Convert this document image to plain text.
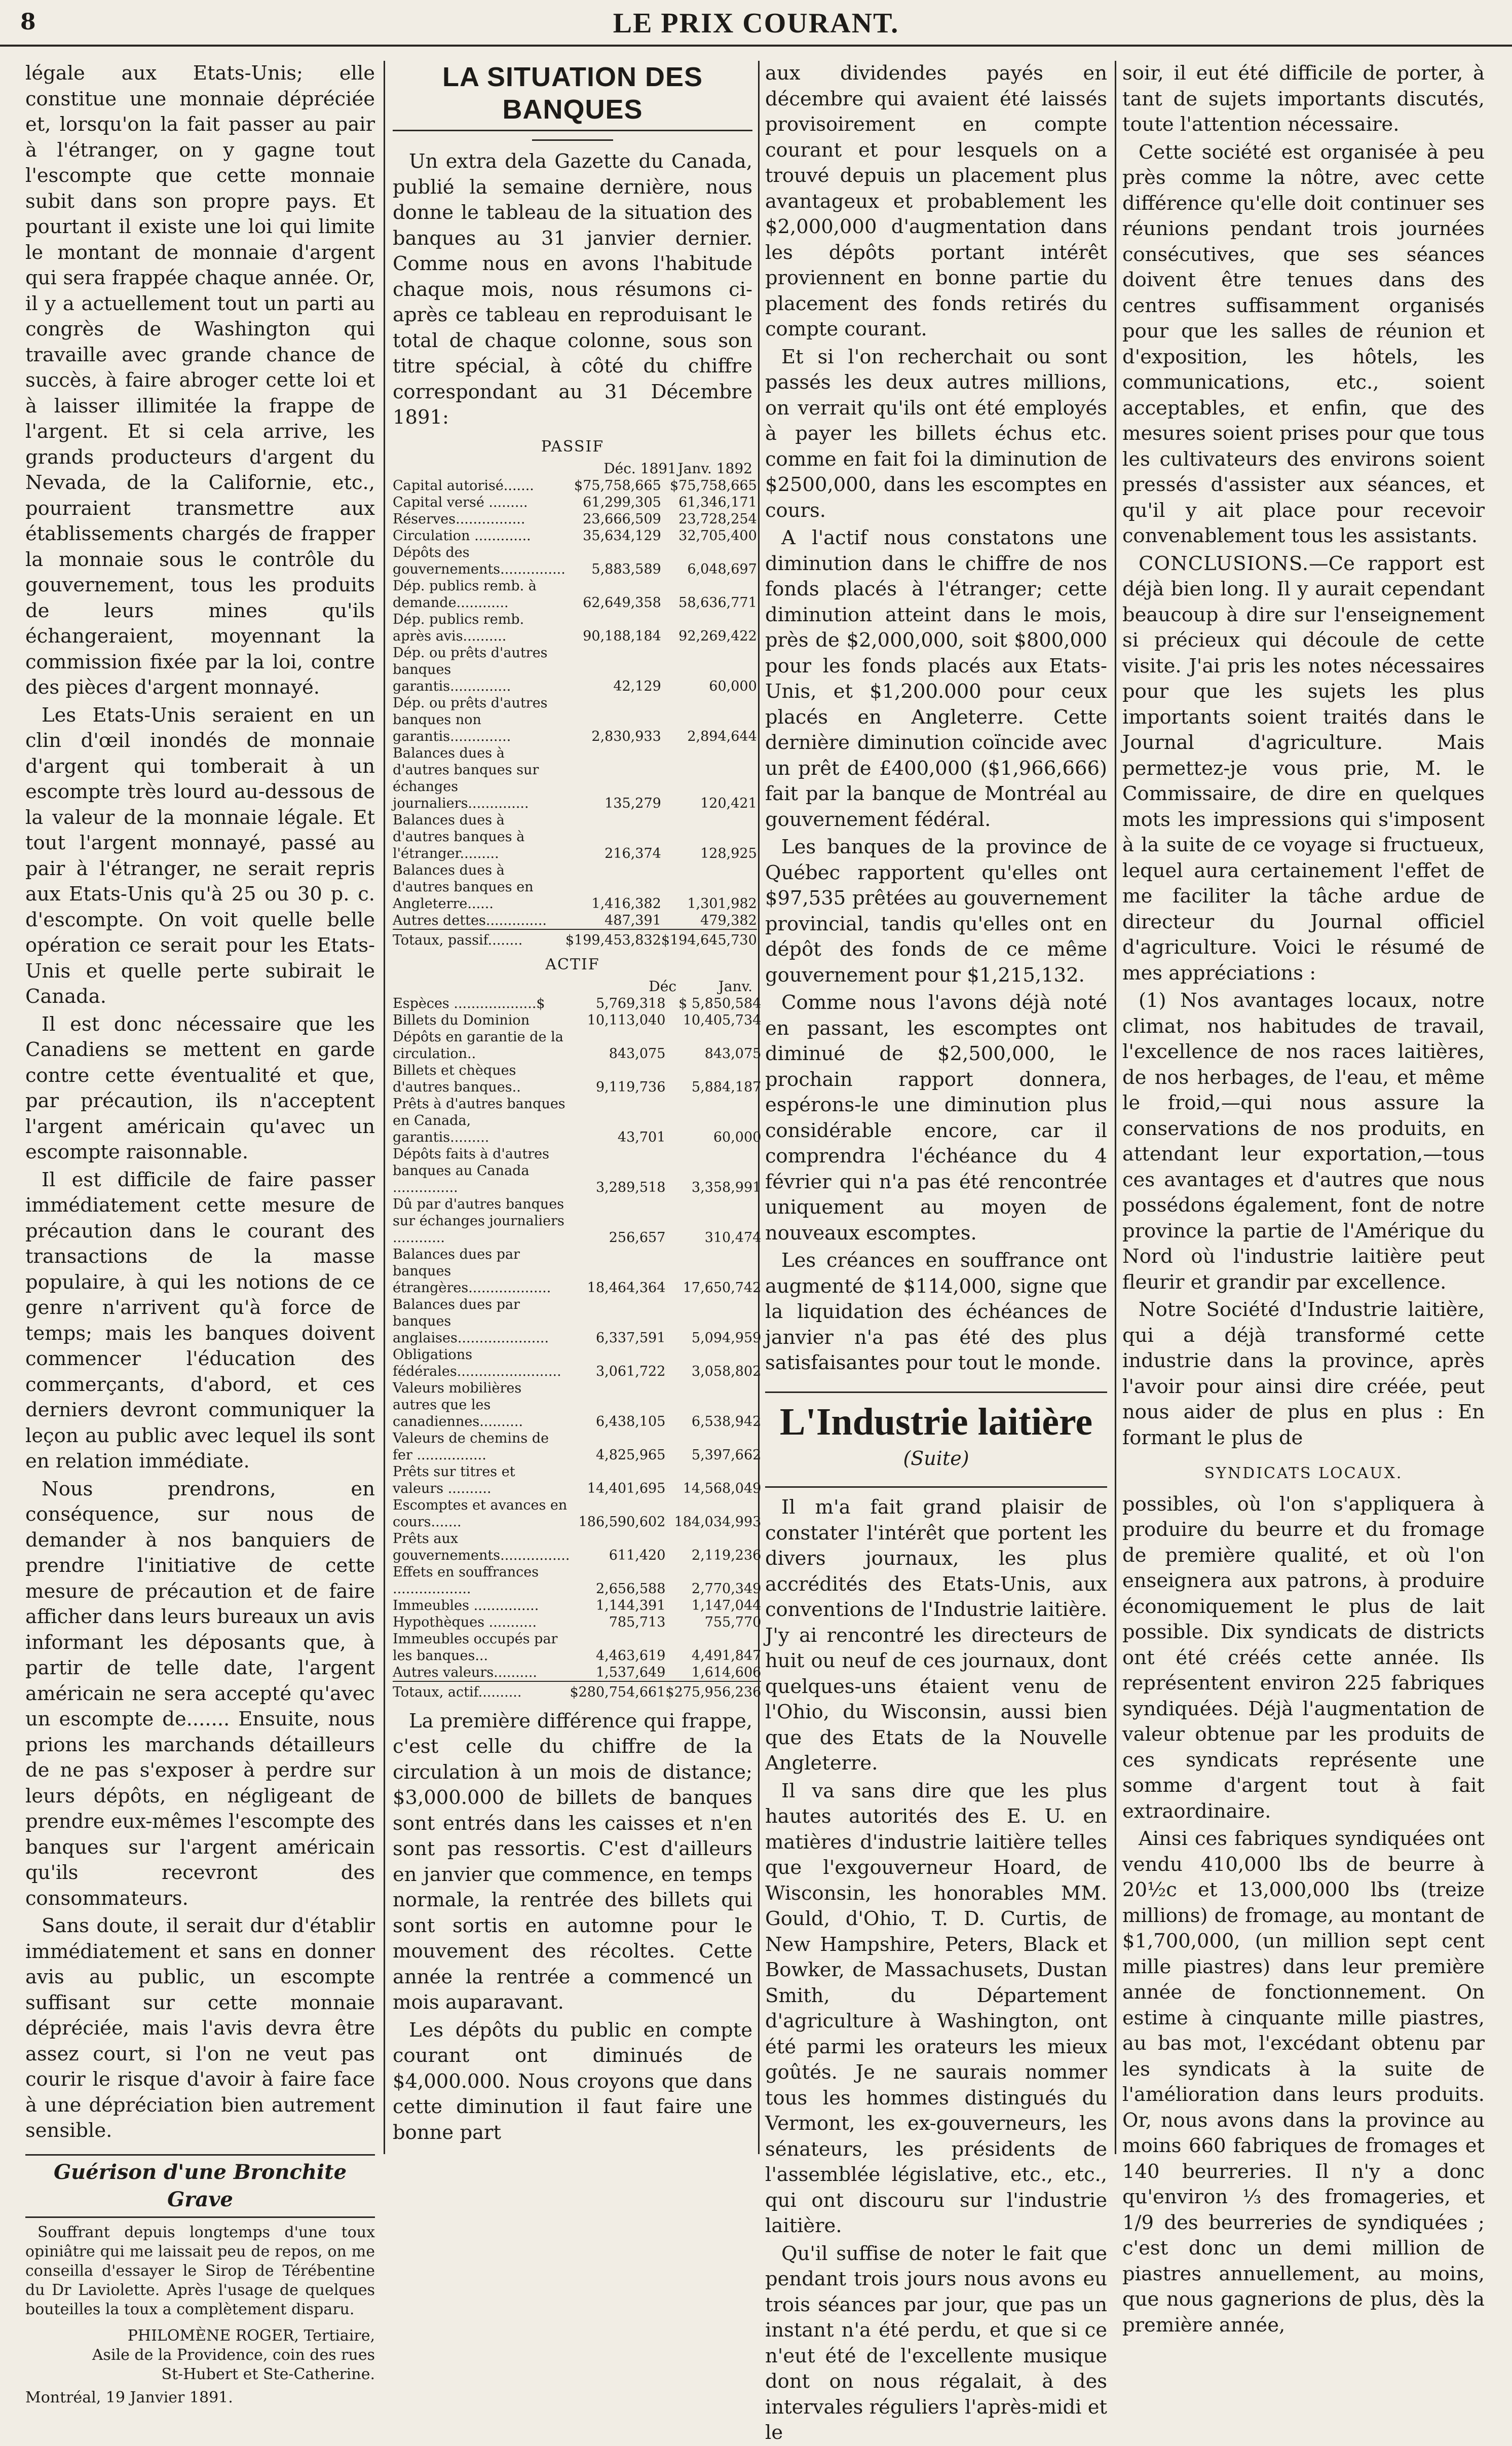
8	LE PRIX COURANT.

légale aux Etats-Unis; elle constitue une monnaie dépréciée et, lorsqu'on la fait passer au pair à l'étranger, on y gagne tout l'escompte que cette monnaie subit dans son propre pays. Et pourtant il existe une loi qui limite le montant de monnaie d'argent qui sera frappée chaque année. Or, il y a actuellement tout un parti au congrès de Washington qui travaille avec grande chance de succès, à faire abroger cette loi et à laisser illimitée la frappe de l'argent. Et si cela arrive, les grands producteurs d'argent du Nevada, de la Californie, etc., pourraient transmettre aux établissements chargés de frapper la monnaie sous le contrôle du gouvernement, tous les produits de leurs mines qu'ils échangeraient, moyennant la commission fixée par la loi, contre des pièces d'argent monnayé.

Les Etats-Unis seraient en un clin d'œil inondés de monnaie d'argent qui tomberait à un escompte très lourd au-dessous de la valeur de la monnaie légale. Et tout l'argent monnayé, passé au pair à l'étranger, ne serait repris aux Etats-Unis qu'à 25 ou 30 p. c. d'escompte. On voit quelle belle opération ce serait pour les Etats-Unis et quelle perte subirait le Canada.

Il est donc nécessaire que les Canadiens se mettent en garde contre cette éventualité et que, par précaution, ils n'acceptent l'argent américain qu'avec un escompte raisonnable.

Il est difficile de faire passer immédiatement cette mesure de précaution dans le courant des transactions de la masse populaire, à qui les notions de ce genre n'arrivent qu'à force de temps; mais les banques doivent commencer l'éducation des commerçants, d'abord, et ces derniers devront communiquer la leçon au public avec lequel ils sont en relation immédiate.

Nous prendrons, en conséquence, sur nous de demander à nos banquiers de prendre l'initiative de cette mesure de précaution et de faire afficher dans leurs bureaux un avis informant les déposants que, à partir de telle date, l'argent américain ne sera accepté qu'avec un escompte de....... Ensuite, nous prions les marchands détailleurs de ne pas s'exposer à perdre sur leurs dépôts, en négligeant de prendre eux-mêmes l'escompte des banques sur l'argent américain qu'ils recevront des consommateurs.

Sans doute, il serait dur d'établir immédiatement et sans en donner avis au public, un escompte suffisant sur cette monnaie dépréciée, mais l'avis devra être assez court, si l'on ne veut pas courir le risque d'avoir à faire face à une dépréciation bien autrement sensible.

Guérison d'une Bronchite Grave

Souffrant depuis longtemps d'une toux opiniâtre qui me laissait peu de repos, on me conseilla d'essayer le Sirop de Térébentine du Dr Laviolette. Après l'usage de quelques bouteilles la toux a complètement disparu.

PHILOMÈNE ROGER, Tertiaire,

Asile de la Providence, coin des rues

St-Hubert et Ste-Catherine.

Montréal, 19 Janvier 1891.

LA SITUATION DES BANQUES

Un extra dela Gazette du Canada, publié la semaine dernière, nous donne le tableau de la situation des banques au 31 janvier dernier. Comme nous en avons l'habitude chaque mois, nous résumons ci-après ce tableau en reproduisant le total de chaque colonne, sous son titre spécial, à côté du chiffre correspondant au 31 Décembre 1891:

PASSIF
Déc. 1891 Janv. 1892
Capital autorisé.......	$75,758,665	$75,758,665
Capital versé .........	61,299,305	61,346,171
Réserves................	23,666,509	23,728,254
Circulation .............	35,634,129	32,705,400
Dépôts des gouvernements...............	5,883,589	6,048,697
Dép. publics remb. à demande............	62,649,358	58,636,771
Dép. publics remb. après avis..........	90,188,184	92,269,422
Dép. ou prêts d'autres banques garantis..............	42,129	60,000
Dép. ou prêts d'autres banques non garantis..............	2,830,933	2,894,644
Balances dues à d'autres banques sur échanges journaliers..............	135,279	120,421
Balances dues à d'autres banques à l'étranger.........	216,374	128,925
Balances dues à d'autres banques en Angleterre......	1,416,382	1,301,982
Autres dettes..............	487,391	479,382
Totaux, passif........	$199,453,832	$194,645,730
ACTIF
Déc	Janv.
Espèces ...................$	5,769,318	$ 5,850,584
Billets du Dominion	10,113,040	10,405,734
Dépôts en garantie de la circulation..	843,075	843,075
Billets et chèques d'autres banques..	9,119,736	5,884,187
Prêts à d'autres banques en Canada, garantis.........	43,701	60,000
Dépôts faits à d'autres banques au Canada ...............	3,289,518	3,358,991
Dû par d'autres banques sur échanges journaliers ............	256,657	310,474
Balances dues par banques étrangères...................	18,464,364	17,650,742
Balances dues par banques anglaises.....................	6,337,591	5,094,959
Obligations fédérales........................	3,061,722	3,058,802
Valeurs mobilières autres que les canadiennes..........	6,438,105	6,538,942
Valeurs de chemins de fer ................	4,825,965	5,397,662
Prêts sur titres et valeurs ..........	14,401,695	14,568,049
Escomptes et avances en cours.......	186,590,602	184,034,993
Prêts aux gouvernements................	611,420	2,119,236
Effets en souffrances ..................	2,656,588	2,770,349
Immeubles ...............	1,144,391	1,147,044
Hypothèques ...........	785,713	755,770
Immeubles occupés par les banques...	4,463,619	4,491,847
Autres valeurs..........	1,537,649	1,614,606
Totaux, actif..........	$280,754,661	$275,956,236

La première différence qui frappe, c'est celle du chiffre de la circulation à un mois de distance; $3,000.000 de billets de banques sont entrés dans les caisses et n'en sont pas ressortis. C'est d'ailleurs en janvier que commence, en temps normale, la rentrée des billets qui sont sortis en automne pour le mouvement des récoltes. Cette année la rentrée a commencé un mois auparavant.

Les dépôts du public en compte courant ont diminués de $4,000.000. Nous croyons que dans cette diminution il faut faire une bonne part

aux dividendes payés en décembre qui avaient été laissés provisoirement en compte courant et pour lesquels on a trouvé depuis un placement plus avantageux et probablement les $2,000,000 d'augmentation dans les dépôts portant intérêt proviennent en bonne partie du placement des fonds retirés du compte courant.

Et si l'on recherchait ou sont passés les deux autres millions, on verrait qu'ils ont été employés à payer les billets échus etc. comme en fait foi la diminution de $2500,000, dans les escomptes en cours.

A l'actif nous constatons une diminution dans le chiffre de nos fonds placés à l'étranger; cette diminution atteint dans le mois, près de $2,000,000, soit $800,000 pour les fonds placés aux Etats-Unis, et $1,200.000 pour ceux placés en Angleterre. Cette dernière diminution coïncide avec un prêt de £400,000 ($1,966,666) fait par la banque de Montréal au gouvernement fédéral.

Les banques de la province de Québec rapportent qu'elles ont $97,535 prêtées au gouvernement provincial, tandis qu'elles ont en dépôt des fonds de ce même gouvernement pour $1,215,132.

Comme nous l'avons déjà noté en passant, les escomptes ont diminué de $2,500,000, le prochain rapport donnera, espérons-le une diminution plus considérable encore, car il comprendra l'échéance du 4 février qui n'a pas été rencontrée uniquement au moyen de nouveaux escomptes.

Les créances en souffrance ont augmenté de $114,000, signe que la liquidation des échéances de janvier n'a pas été des plus satisfaisantes pour tout le monde.

L'Industrie laitière
(Suite)

Il m'a fait grand plaisir de constater l'intérêt que portent les divers journaux, les plus accrédités des Etats-Unis, aux conventions de l'Industrie laitière. J'y ai rencontré les directeurs de huit ou neuf de ces journaux, dont quelques-uns étaient venu de l'Ohio, du Wisconsin, aussi bien que des Etats de la Nouvelle Angleterre.

Il va sans dire que les plus hautes autorités des E. U. en matières d'industrie laitière telles que l'exgouverneur Hoard, de Wisconsin, les honorables MM. Gould, d'Ohio, T. D. Curtis, de New Hampshire, Peters, Black et Bowker, de Massachusets, Dustan Smith, du Département d'agriculture à Washington, ont été parmi les orateurs les mieux goûtés. Je ne saurais nommer tous les hommes distingués du Vermont, les ex-gouverneurs, les sénateurs, les présidents de l'assemblée législative, etc., etc., qui ont discouru sur l'industrie laitière.

Qu'il suffise de noter le fait que pendant trois jours nous avons eu trois séances par jour, que pas un instant n'a été perdu, et que si ce n'eut été de l'excellente musique dont on nous régalait, à des intervales réguliers l'après-midi et le

soir, il eut été difficile de porter, à tant de sujets importants discutés, toute l'attention nécessaire.

Cette société est organisée à peu près comme la nôtre, avec cette différence qu'elle doit continuer ses réunions pendant trois journées consécutives, que ses séances doivent être tenues dans des centres suffisamment organisés pour que les salles de réunion et d'exposition, les hôtels, les communications, etc., soient acceptables, et enfin, que des mesures soient prises pour que tous les cultivateurs des environs soient pressés d'assister aux séances, et qu'il y ait place pour recevoir convenablement tous les assistants.

CONCLUSIONS.—Ce rapport est déjà bien long. Il y aurait cependant beaucoup à dire sur l'enseignement si précieux qui découle de cette visite. J'ai pris les notes nécessaires pour que les sujets les plus importants soient traités dans le Journal d'agriculture. Mais permettez-je vous prie, M. le Commissaire, de dire en quelques mots les impressions qui s'imposent à la suite de ce voyage si fructueux, lequel aura certainement l'effet de me faciliter la tâche ardue de directeur du Journal officiel d'agriculture. Voici le résumé de mes appréciations :

(1) Nos avantages locaux, notre climat, nos habitudes de travail, l'excellence de nos races laitières, de nos herbages, de l'eau, et même le froid,—qui nous assure la conservations de nos produits, en attendant leur exportation,—tous ces avantages et d'autres que nous possédons également, font de notre province la partie de l'Amérique du Nord où l'industrie laitière peut fleurir et grandir par excellence.

Notre Société d'Industrie laitière, qui a déjà transformé cette industrie dans la province, après l'avoir pour ainsi dire créée, peut nous aider de plus en plus : En formant le plus de

SYNDICATS LOCAUX.

possibles, où l'on s'appliquera à produire du beurre et du fromage de première qualité, et où l'on enseignera aux patrons, à produire économiquement le plus de lait possible. Dix syndicats de districts ont été créés cette année. Ils représentent environ 225 fabriques syndiquées. Déjà l'augmentation de valeur obtenue par les produits de ces syndicats représente une somme d'argent tout à fait extraordinaire.

Ainsi ces fabriques syndiquées ont vendu 410,000 lbs de beurre à 20½c et 13,000,000 lbs (treize millions) de fromage, au montant de $1,700,000, (un million sept cent mille piastres) dans leur première année de fonctionnement. On estime à cinquante mille piastres, au bas mot, l'excédant obtenu par les syndicats à la suite de l'amélioration dans leurs produits. Or, nous avons dans la province au moins 660 fabriques de fromages et 140 beurreries. Il n'y a donc qu'environ ⅓ des fromageries, et 1/9 des beurreries de syndiquées ; c'est donc un demi million de piastres annuellement, au moins, que nous gagnerions de plus, dès la première année,
